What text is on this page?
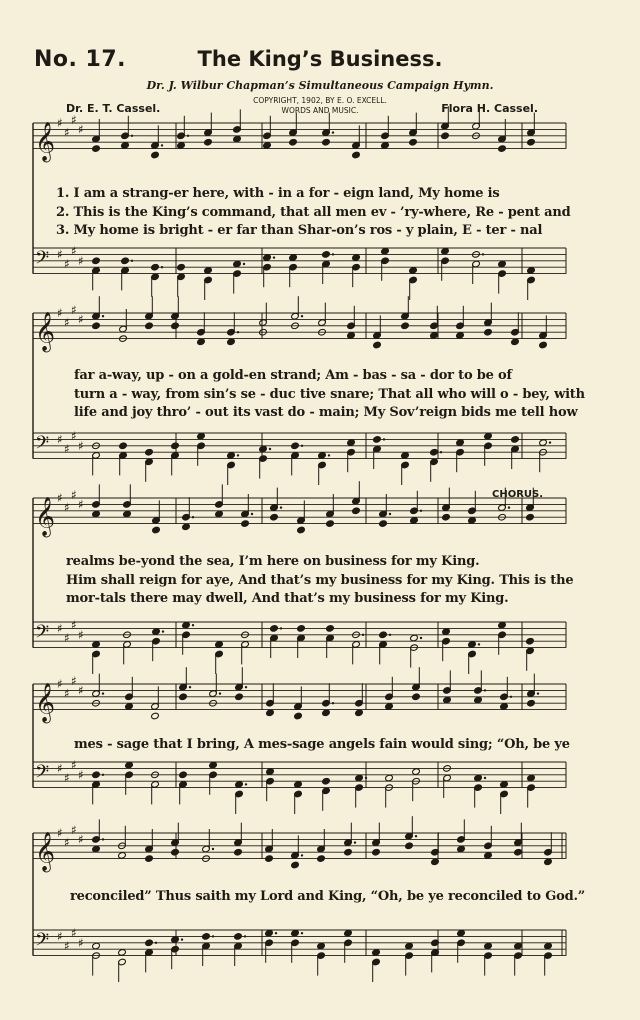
No. 17.	The King’s Business.
Dr. J. Wilbur Chapman’s Simultaneous Campaign Hymn.
COPYRIGHT, 1902, BY E. O. EXCELL.
WORDS AND MUSIC.
Dr. E. T. Cassel.	Flora H. Cassel.
𝄞
𝄢
♯
♯
♯
♯
♯
♯
♯
♯
𝄞
𝄢
♯
♯
♯
♯
♯
♯
♯
♯
𝄞
𝄢
♯
♯
♯
♯
♯
♯
♯
♯
𝄞
𝄢
♯
♯
♯
♯
♯
♯
♯
♯
𝄞
𝄢
♯
♯
♯
♯
♯
♯
♯
♯
CHORUS.
1. I am a strang-er here, with - in a for - eign land, My home is
2. This is the King’s command, that all men ev - ’ry-where, Re - pent and
3. My home is bright - er far than Shar-on’s ros - y plain, E - ter - nal
far a-way, up - on a gold-en strand; Am - bas - sa - dor to be of
turn a - way, from sin’s se - duc tive snare; That all who will o - bey, with
life and joy thro’ - out its vast do - main; My Sov’reign bids me tell how
realms be-yond the sea, I’m here on business for my King.
Him shall reign for aye, And that’s my business for my King. This is the
mor-tals there may dwell, And that’s my business for my King.
mes - sage that I bring, A mes-sage angels fain would sing; “Oh, be ye
reconciled” Thus saith my Lord and King, “Oh, be ye reconciled to God.”
